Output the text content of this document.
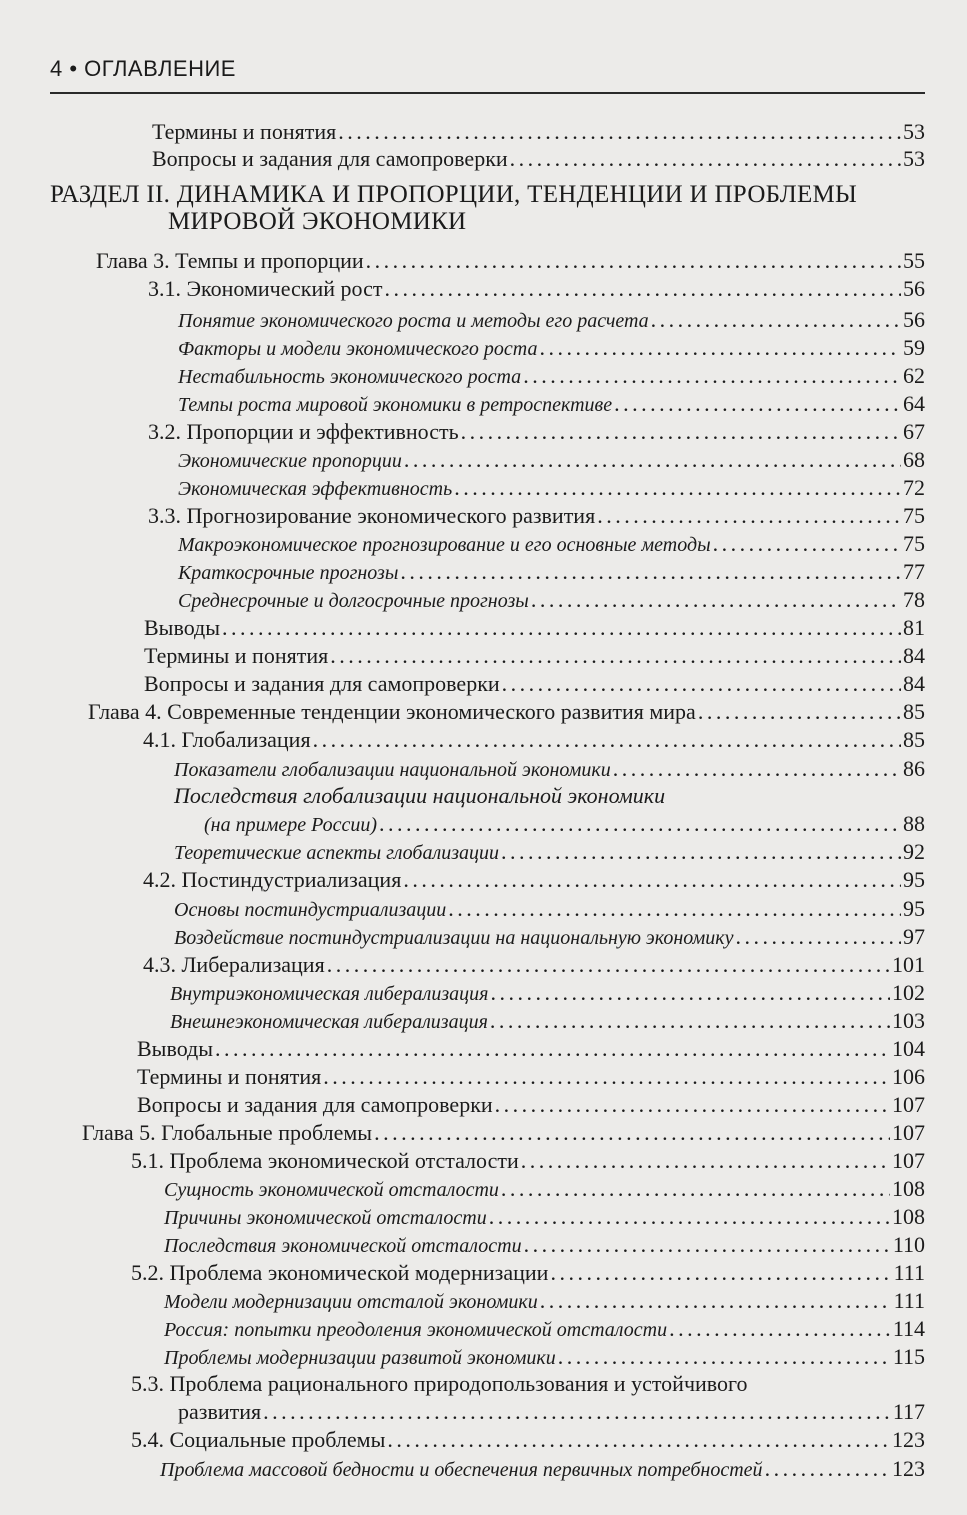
4 • ОГЛАВЛЕНИЕ
Термины и понятия . . .	53
Вопросы и задания для самопроверки . . .	53
РАЗДЕЛ II. ДИНАМИКА И ПРОПОРЦИИ, ТЕНДЕНЦИИ И ПРОБЛЕМЫ
МИРОВОЙ ЭКОНОМИКИ
Глава 3. Темпы и пропорции . . .	55
3.1. Экономический рост . . .	56
Понятие экономического роста и методы его расчета . . .	56
Факторы и модели экономического роста . . .	59
Нестабильность экономического роста . . .	62
Темпы роста мировой экономики в ретроспективе . . .	64
3.2. Пропорции и эффективность . . .	67
Экономические пропорции . . .	68
Экономическая эффективность . . .	72
3.3. Прогнозирование экономического развития . . .	75
Макроэкономическое прогнозирование и его основные методы . . .	75
Краткосрочные прогнозы . . .	77
Среднесрочные и долгосрочные прогнозы . . .	78
Выводы . . .	81
Термины и понятия . . .	84
Вопросы и задания для самопроверки . . .	84
Глава 4. Современные тенденции экономического развития мира . . .	85
4.1. Глобализация . . .	85
Показатели глобализации национальной экономики . . .	86
Последствия глобализации национальной экономики
(на примере России) . . .	88
Теоретические аспекты глобализации . . .	92
4.2. Постиндустриализация . . .	95
Основы постиндустриализации . . .	95
Воздействие постиндустриализации на национальную экономику . . .	97
4.3. Либерализация . . .	101
Внутриэкономическая либерализация . . .	102
Внешнеэкономическая либерализация . . .	103
Выводы . . .	104
Термины и понятия . . .	106
Вопросы и задания для самопроверки . . .	107
Глава 5. Глобальные проблемы . . .	107
5.1. Проблема экономической отсталости . . .	107
Сущность экономической отсталости . . .	108
Причины экономической отсталости . . .	108
Последствия экономической отсталости . . .	110
5.2. Проблема экономической модернизации . . .	111
Модели модернизации отсталой экономики . . .	111
Россия: попытки преодоления экономической отсталости . . .	114
Проблемы модернизации развитой экономики . . .	115
5.3. Проблема рационального природопользования и устойчивого
развития . . .	117
5.4. Социальные проблемы . . .	123
Проблема массовой бедности и обеспечения первичных потребностей . . .	123
